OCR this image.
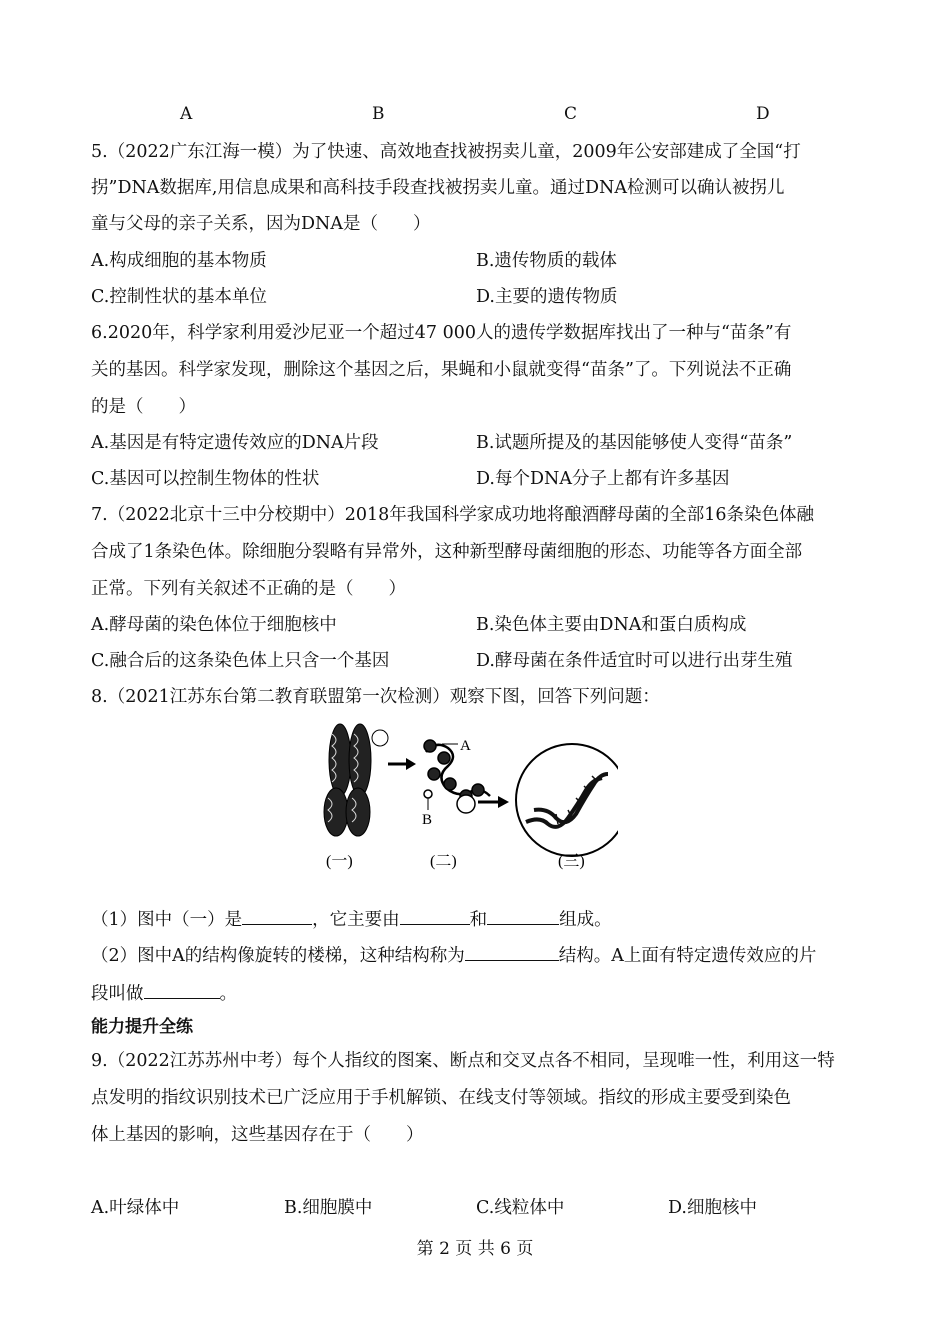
A	B	C	D
5.（2022广东江海一模）为了快速、高效地查找被拐卖儿童，2009年公安部建成了全国“打
拐”DNA数据库,用信息成果和高科技手段查找被拐卖儿童。通过DNA检测可以确认被拐儿
童与父母的亲子关系，因为DNA是（　　）
A.构成细胞的基本物质	B.遗传物质的载体
C.控制性状的基本单位	D.主要的遗传物质
6.2020年，科学家利用爱沙尼亚一个超过47 000人的遗传学数据库找出了一种与“苗条”有
关的基因。科学家发现，删除这个基因之后，果蝇和小鼠就变得“苗条”了。下列说法不正确
的是（　　）
A.基因是有特定遗传效应的DNA片段	B.试题所提及的基因能够使人变得“苗条”
C.基因可以控制生物体的性状	D.每个DNA分子上都有许多基因
7.（2022北京十三中分校期中）2018年我国科学家成功地将酿酒酵母菌的全部16条染色体融
合成了1条染色体。除细胞分裂略有异常外，这种新型酵母菌细胞的形态、功能等各方面全部
正常。下列有关叙述不正确的是（　　）
A.酵母菌的染色体位于细胞核中	B.染色体主要由DNA和蛋白质构成
C.融合后的这条染色体上只含一个基因	D.酵母菌在条件适宜时可以进行出芽生殖
8.（2021江苏东台第二教育联盟第一次检测）观察下图，回答下列问题：
A
B
(一)	(二)	(三)
（1）图中（一）是	，它主要由	和	组成。
（2）图中A的结构像旋转的楼梯，这种结构称为	结构。A上面有特定遗传效应的片
段叫做	。
能力提升全练
9.（2022江苏苏州中考）每个人指纹的图案、断点和交叉点各不相同，呈现唯一性，利用这一特
点发明的指纹识别技术已广泛应用于手机解锁、在线支付等领域。指纹的形成主要受到染色
体上基因的影响，这些基因存在于（　　）
A.叶绿体中	B.细胞膜中	C.线粒体中	D.细胞核中
第 2 页 共 6 页
